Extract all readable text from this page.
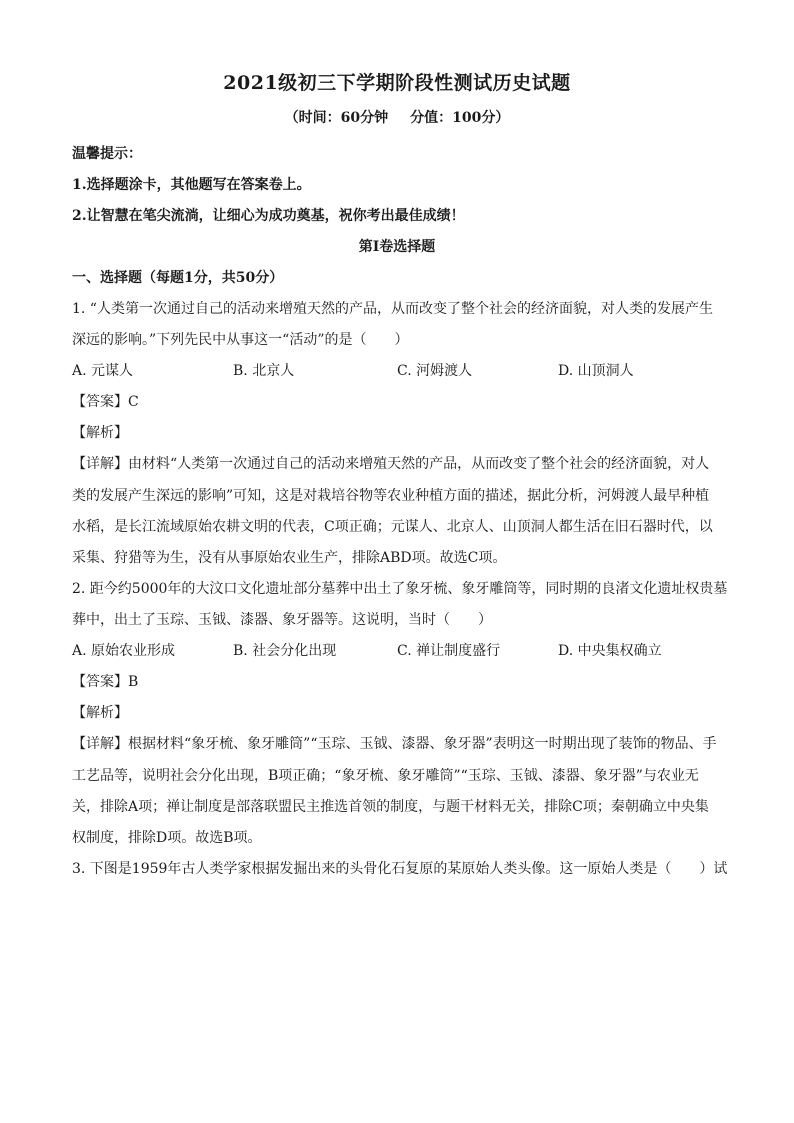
2021级初三下学期阶段性测试历史试题
（时间：60分钟 分值：100分）
温馨提示：
1.选择题涂卡，其他题写在答案卷上。
2.让智慧在笔尖流淌，让细心为成功奠基，祝你考出最佳成绩！
第Ⅰ卷选择题
一、选择题（每题1分，共50分）
1. “人类第一次通过自己的活动来增殖天然的产品，从而改变了整个社会的经济面貌，对人类的发展产生
深远的影响。”下列先民中从事这一“活动”的是（　　）
A. 元谋人	B. 北京人	C. 河姆渡人	D. 山顶洞人
【答案】C
【解析】
【详解】由材料“人类第一次通过自己的活动来增殖天然的产品，从而改变了整个社会的经济面貌，对人
类的发展产生深远的影响”可知，这是对栽培谷物等农业种植方面的描述，据此分析，河姆渡人最早种植
水稻，是长江流域原始农耕文明的代表，C项正确；元谋人、北京人、山顶洞人都生活在旧石器时代，以
采集、狩猎等为生，没有从事原始农业生产，排除ABD项。故选C项。
2. 距今约5000年的大汶口文化遗址部分墓葬中出土了象牙梳、象牙雕筒等，同时期的良渚文化遗址权贵墓
葬中，出土了玉琮、玉钺、漆器、象牙器等。这说明，当时（　　）
A. 原始农业形成	B. 社会分化出现	C. 禅让制度盛行	D. 中央集权确立
【答案】B
【解析】
【详解】根据材料“象牙梳、象牙雕筒”“玉琮、玉钺、漆器、象牙器”表明这一时期出现了装饰的物品、手
工艺品等，说明社会分化出现，B项正确；“象牙梳、象牙雕筒”“玉琮、玉钺、漆器、象牙器”与农业无
关，排除A项；禅让制度是部落联盟民主推选首领的制度，与题干材料无关，排除C项；秦朝确立中央集
权制度，排除D项。故选B项。
3. 下图是1959年古人类学家根据发掘出来的头骨化石复原的某原始人类头像。这一原始人类是（　　）试
